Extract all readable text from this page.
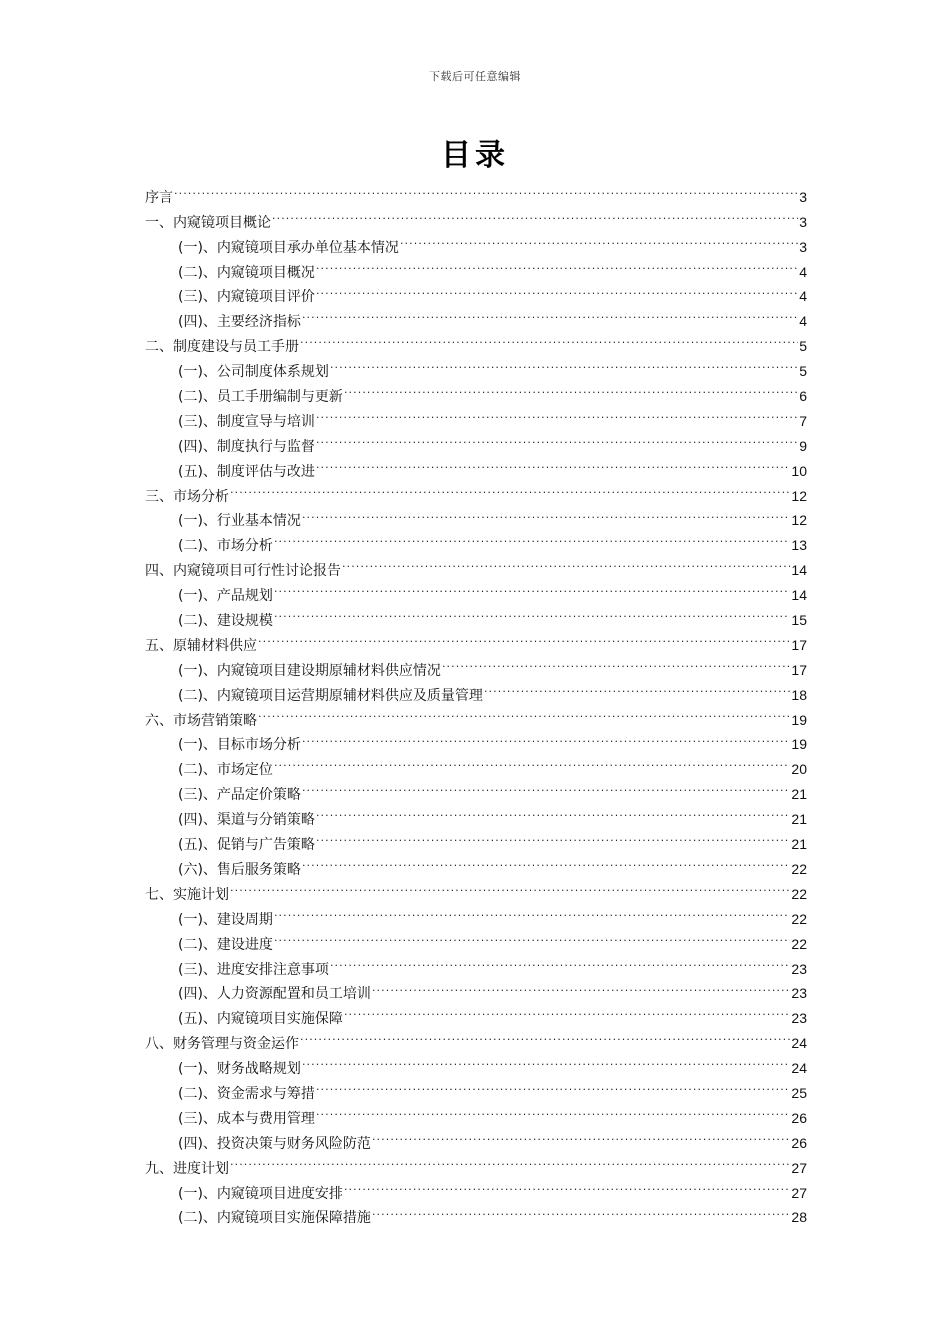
下载后可任意编辑
目录
序言 .....	3
一、内窥镜项目概论 .....	3
(一)、内窥镜项目承办单位基本情况 .....	3
(二)、内窥镜项目概况 .....	4
(三)、内窥镜项目评价 .....	4
(四)、主要经济指标 .....	4
二、制度建设与员工手册 .....	5
(一)、公司制度体系规划 .....	5
(二)、员工手册编制与更新 .....	6
(三)、制度宣导与培训 .....	7
(四)、制度执行与监督 .....	9
(五)、制度评估与改进 .....	10
三、市场分析 .....	12
(一)、行业基本情况 .....	12
(二)、市场分析 .....	13
四、内窥镜项目可行性讨论报告 .....	14
(一)、产品规划 .....	14
(二)、建设规模 .....	15
五、原辅材料供应 .....	17
(一)、内窥镜项目建设期原辅材料供应情况 .....	17
(二)、内窥镜项目运营期原辅材料供应及质量管理 .....	18
六、市场营销策略 .....	19
(一)、目标市场分析 .....	19
(二)、市场定位 .....	20
(三)、产品定价策略 .....	21
(四)、渠道与分销策略 .....	21
(五)、促销与广告策略 .....	21
(六)、售后服务策略 .....	22
七、实施计划 .....	22
(一)、建设周期 .....	22
(二)、建设进度 .....	22
(三)、进度安排注意事项 .....	23
(四)、人力资源配置和员工培训 .....	23
(五)、内窥镜项目实施保障 .....	23
八、财务管理与资金运作 .....	24
(一)、财务战略规划 .....	24
(二)、资金需求与筹措 .....	25
(三)、成本与费用管理 .....	26
(四)、投资决策与财务风险防范 .....	26
九、进度计划 .....	27
(一)、内窥镜项目进度安排 .....	27
(二)、内窥镜项目实施保障措施 .....	28
